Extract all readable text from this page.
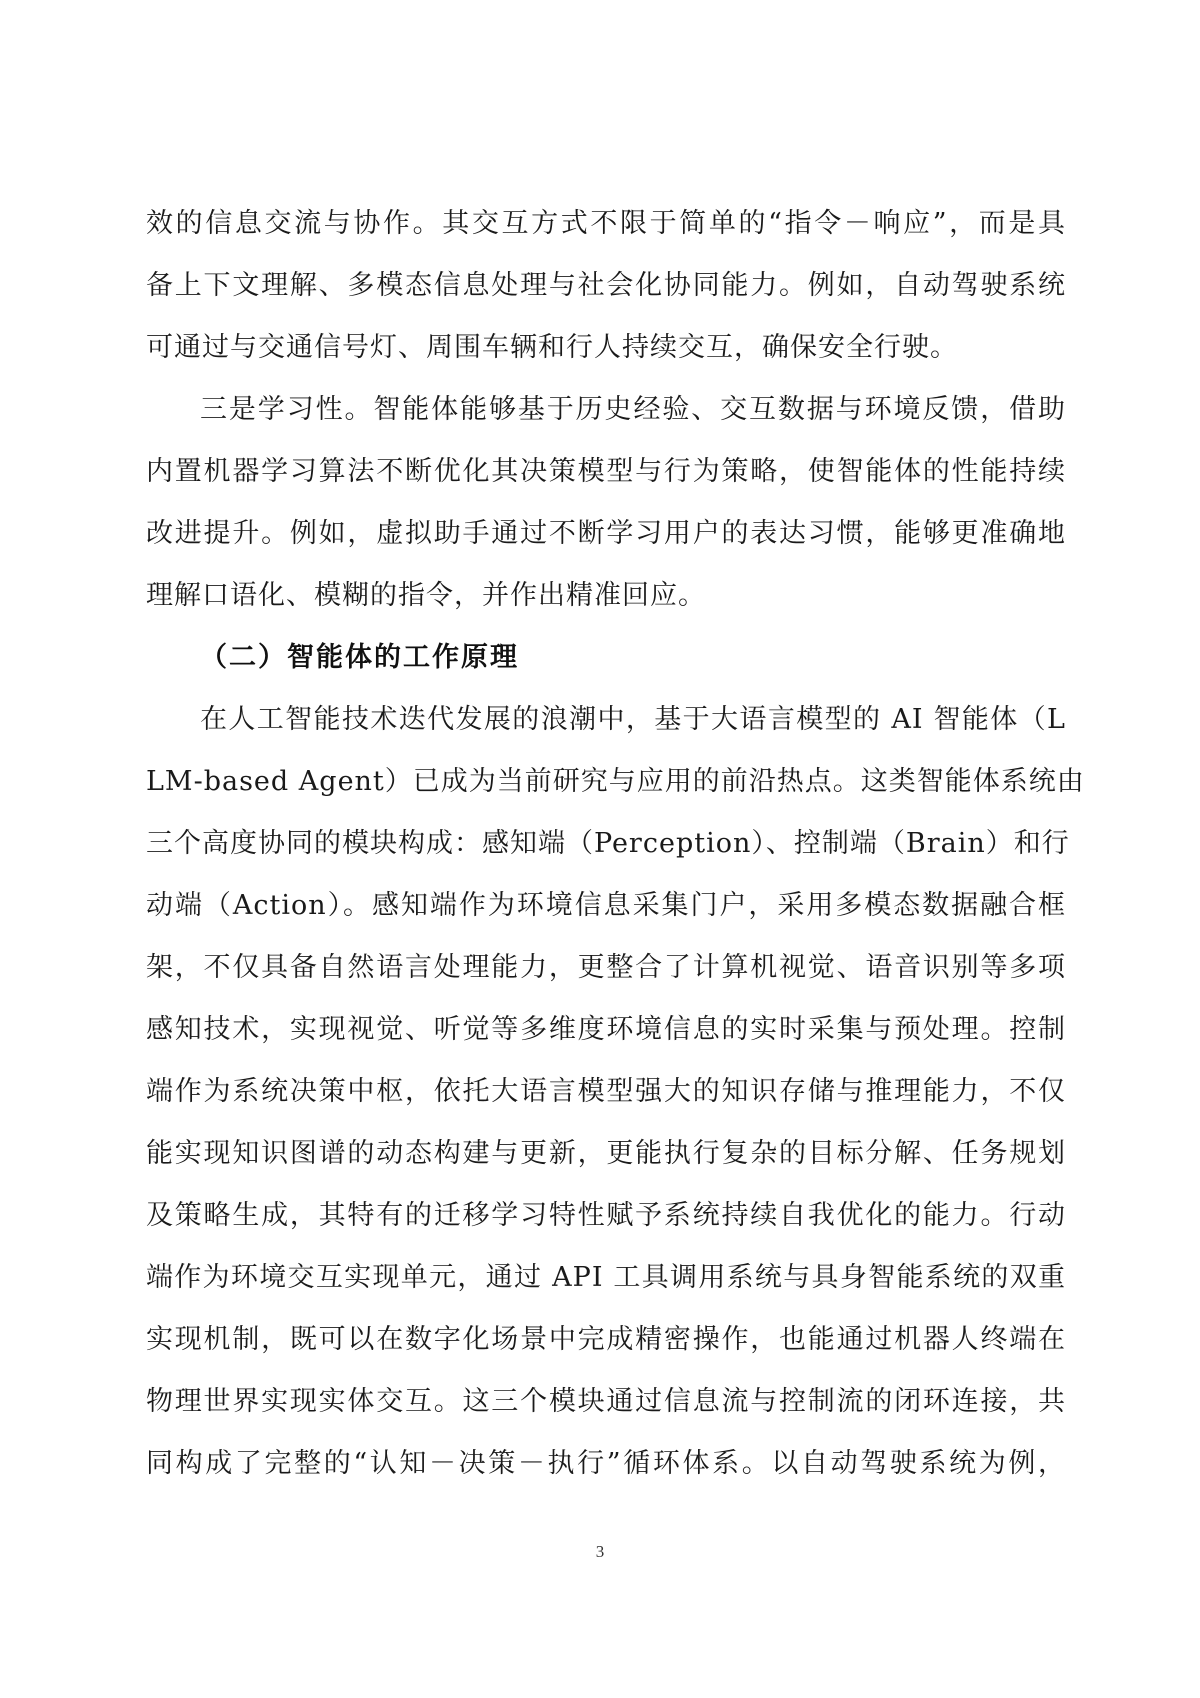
效的信息交流与协作。其交互方式不限于简单的“指令－响应”，而是具
备上下文理解、多模态信息处理与社会化协同能力。例如，自动驾驶系统
可通过与交通信号灯、周围车辆和行人持续交互，确保安全行驶。
三是学习性。智能体能够基于历史经验、交互数据与环境反馈，借助
内置机器学习算法不断优化其决策模型与行为策略，使智能体的性能持续
改进提升。例如，虚拟助手通过不断学习用户的表达习惯，能够更准确地
理解口语化、模糊的指令，并作出精准回应。
（二）智能体的工作原理
在人工智能技术迭代发展的浪潮中，基于大语言模型的 AI 智能体（L
LM-based Agent）已成为当前研究与应用的前沿热点。这类智能体系统由
三个高度协同的模块构成：感知端（Perception）、控制端（Brain）和行
动端（Action）。感知端作为环境信息采集门户，采用多模态数据融合框
架，不仅具备自然语言处理能力，更整合了计算机视觉、语音识别等多项
感知技术，实现视觉、听觉等多维度环境信息的实时采集与预处理。控制
端作为系统决策中枢，依托大语言模型强大的知识存储与推理能力，不仅
能实现知识图谱的动态构建与更新，更能执行复杂的目标分解、任务规划
及策略生成，其特有的迁移学习特性赋予系统持续自我优化的能力。行动
端作为环境交互实现单元，通过 API 工具调用系统与具身智能系统的双重
实现机制，既可以在数字化场景中完成精密操作，也能通过机器人终端在
物理世界实现实体交互。这三个模块通过信息流与控制流的闭环连接，共
同构成了完整的“认知－决策－执行”循环体系。以自动驾驶系统为例，
3
